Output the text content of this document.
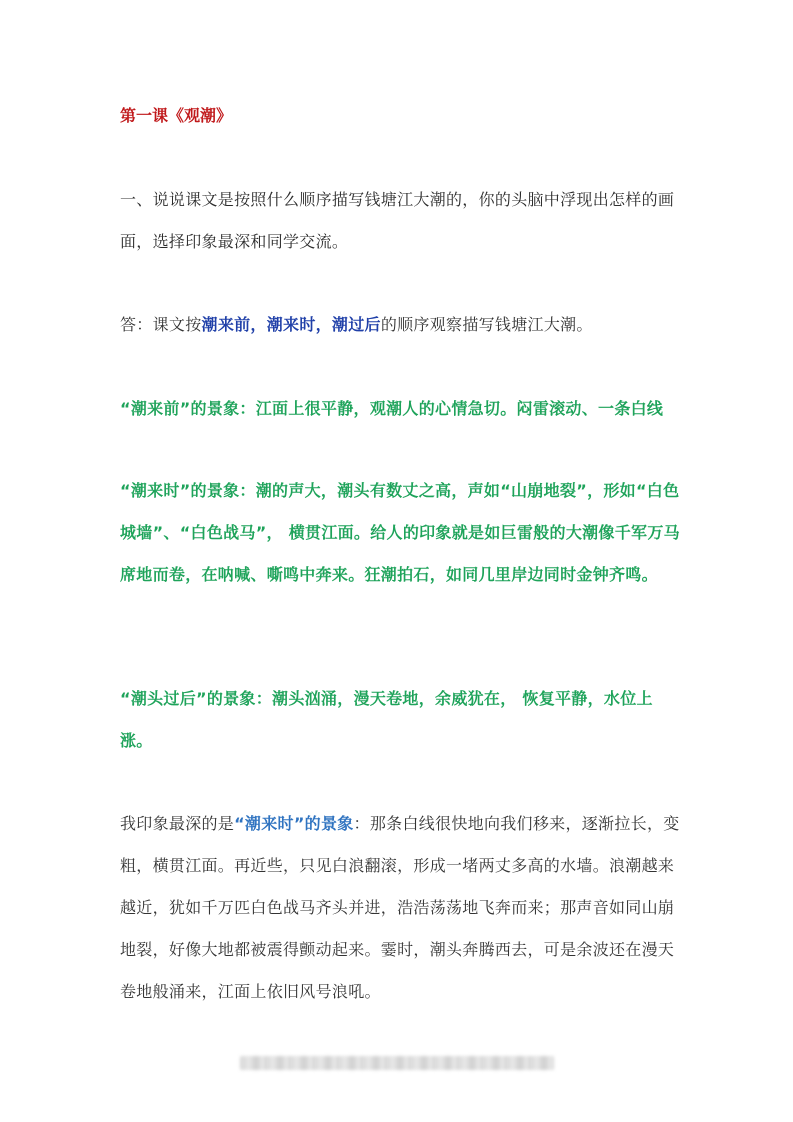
第一课《观潮》

一、说说课文是按照什么顺序描写钱塘江大潮的，你的头脑中浮现出怎样的画面，选择印象最深和同学交流。

答：课文按潮来前，潮来时，潮过后的顺序观察描写钱塘江大潮。

“潮来前”的景象：江面上很平静，观潮人的心情急切。闷雷滚动、一条白线

“潮来时”的景象：潮的声大，潮头有数丈之高，声如“山崩地裂”，形如“白色城墙”、“白色战马”， 横贯江面。给人的印象就是如巨雷般的大潮像千军万马席地而卷，在呐喊、嘶鸣中奔来。狂潮拍石，如同几里岸边同时金钟齐鸣。

“潮头过后”的景象：潮头汹涌，漫天卷地，余威犹在， 恢复平静，水位上涨。

我印象最深的是“潮来时”的景象：那条白线很快地向我们移来，逐渐拉长，变粗，横贯江面。再近些，只见白浪翻滚，形成一堵两丈多高的水墙。浪潮越来越近，犹如千万匹白色战马齐头并进，浩浩荡荡地飞奔而来；那声音如同山崩地裂，好像大地都被震得颤动起来。霎时，潮头奔腾西去，可是余波还在漫天卷地般涌来，江面上依旧风号浪吼。
